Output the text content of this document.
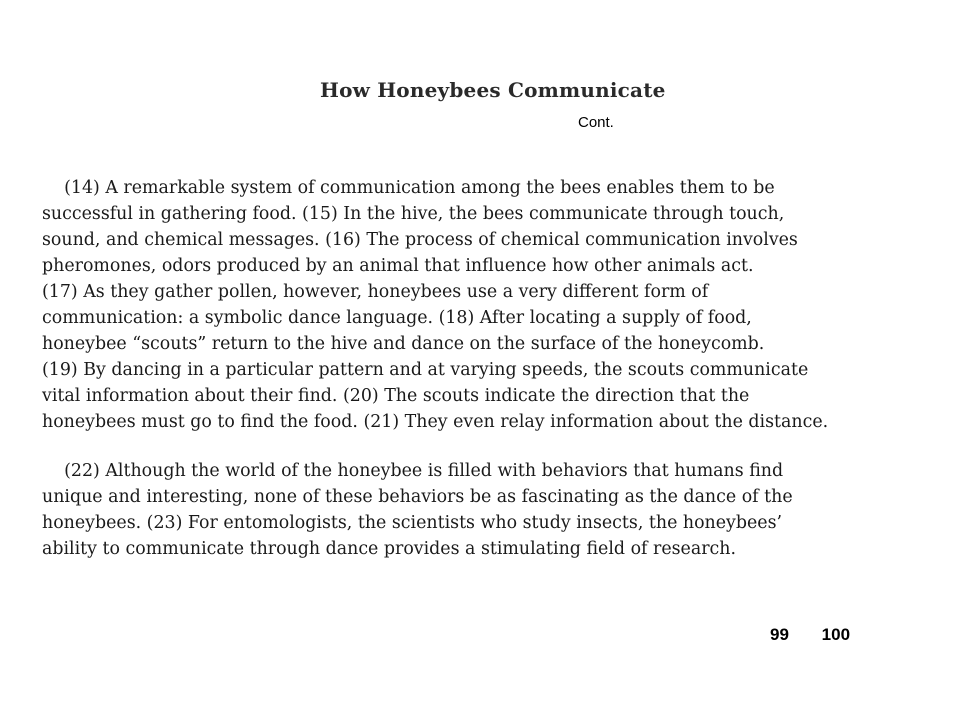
How Honeybees Communicate
Cont.
(14) A remarkable system of communication among the bees enables them to be
successful in gathering food. (15) In the hive, the bees communicate through touch,
sound, and chemical messages. (16) The process of chemical communication involves
pheromones, odors produced by an animal that influence how other animals act.
(17) As they gather pollen, however, honeybees use a very different form of
communication: a symbolic dance language. (18) After locating a supply of food,
honeybee “scouts” return to the hive and dance on the surface of the honeycomb.
(19) By dancing in a particular pattern and at varying speeds, the scouts communicate
vital information about their find. (20) The scouts indicate the direction that the
honeybees must go to find the food. (21) They even relay information about the distance.
(22) Although the world of the honeybee is filled with behaviors that humans find
unique and interesting, none of these behaviors be as fascinating as the dance of the
honeybees. (23) For entomologists, the scientists who study insects, the honeybees’
ability to communicate through dance provides a stimulating field of research.
99 100
